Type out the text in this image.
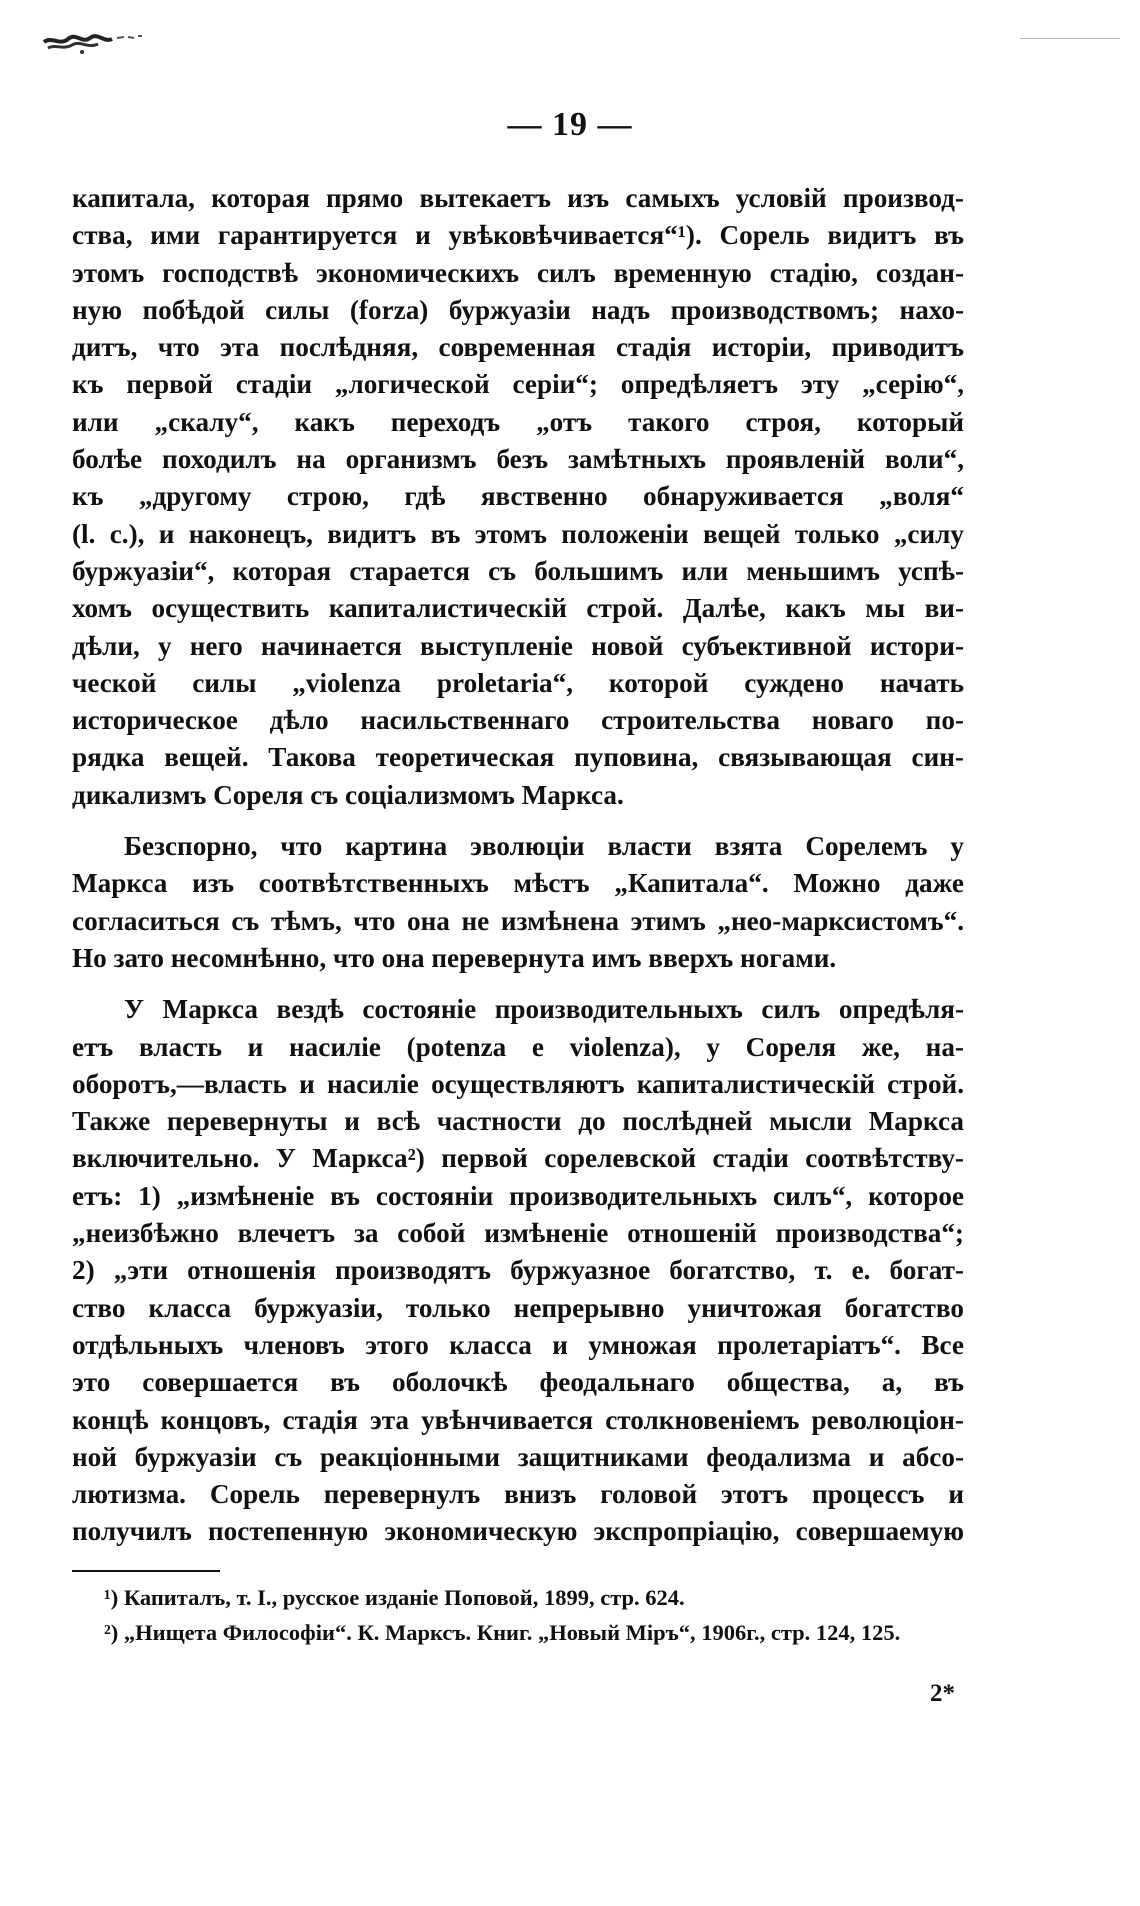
— 19 —

капитала, которая прямо вытекаетъ изъ самыхъ условій производ-
ства, ими гарантируется и увѣковѣчивается“¹). Сорель видитъ въ
этомъ господствѣ экономическихъ силъ временную стадію, создан-
ную побѣдой силы (forza) буржуазіи надъ производствомъ; нахо-
дитъ, что эта послѣдняя, современная стадія исторіи, приводитъ
къ первой стадіи „логической серіи“; опредѣляетъ эту „серію“,
или „скалу“, какъ переходъ „отъ такого строя, который
болѣе походилъ на организмъ безъ замѣтныхъ проявленій воли“,
къ „другому строю, гдѣ явственно обнаруживается „воля“
(l. c.), и наконецъ, видитъ въ этомъ положеніи вещей только „силу
буржуазіи“, которая старается съ большимъ или меньшимъ успѣ-
хомъ осуществить капиталистическій строй. Далѣе, какъ мы ви-
дѣли, у него начинается выступленіе новой субъективной истори-
ческой силы „violenza proletaria“, которой суждено начать
историческое дѣло насильственнаго строительства новаго по-
рядка вещей. Такова теоретическая пуповина, связывающая син-

дикализмъ Сореля съ соціализмомъ Маркса.

Безспорно, что картина эволюціи власти взята Сорелемъ у
Маркса изъ соотвѣтственныхъ мѣстъ „Капитала“. Можно даже
согласиться съ тѣмъ, что она не измѣнена этимъ „нео-марксистомъ“.

Но зато несомнѣнно, что она перевернута имъ вверхъ ногами.

У Маркса вездѣ состояніе производительныхъ силъ опредѣля-
етъ власть и насиліе (potenza e violenza), у Сореля же, на-
оборотъ,—власть и насиліе осуществляютъ капиталистическій строй.
Также перевернуты и всѣ частности до послѣдней мысли Маркса
включительно. У Маркса²) первой сорелевской стадіи соотвѣтству-
етъ: 1) „измѣненіе въ состояніи производительныхъ силъ“, которое
„неизбѣжно влечетъ за собой измѣненіе отношеній производства“;
2) „эти отношенія производятъ буржуазное богатство, т. е. богат-
ство класса буржуазіи, только непрерывно уничтожая богатство
отдѣльныхъ членовъ этого класса и умножая пролетаріатъ“. Все
это совершается въ оболочкѣ феодальнаго общества, а, въ
концѣ концовъ, стадія эта увѣнчивается столкновеніемъ революціон-
ной буржуазіи съ реакціонными защитниками феодализма и абсо-
лютизма. Сорель перевернулъ внизъ головой этотъ процессъ и
получилъ постепенную экономическую экспропріацію, совершаемую

¹) Капиталъ, т. I., русское изданіе Поповой, 1899, стр. 624.

²) „Нищета Философіи“. К. Марксъ. Книг. „Новый Міръ“, 1906г., стр. 124, 125.

2*
